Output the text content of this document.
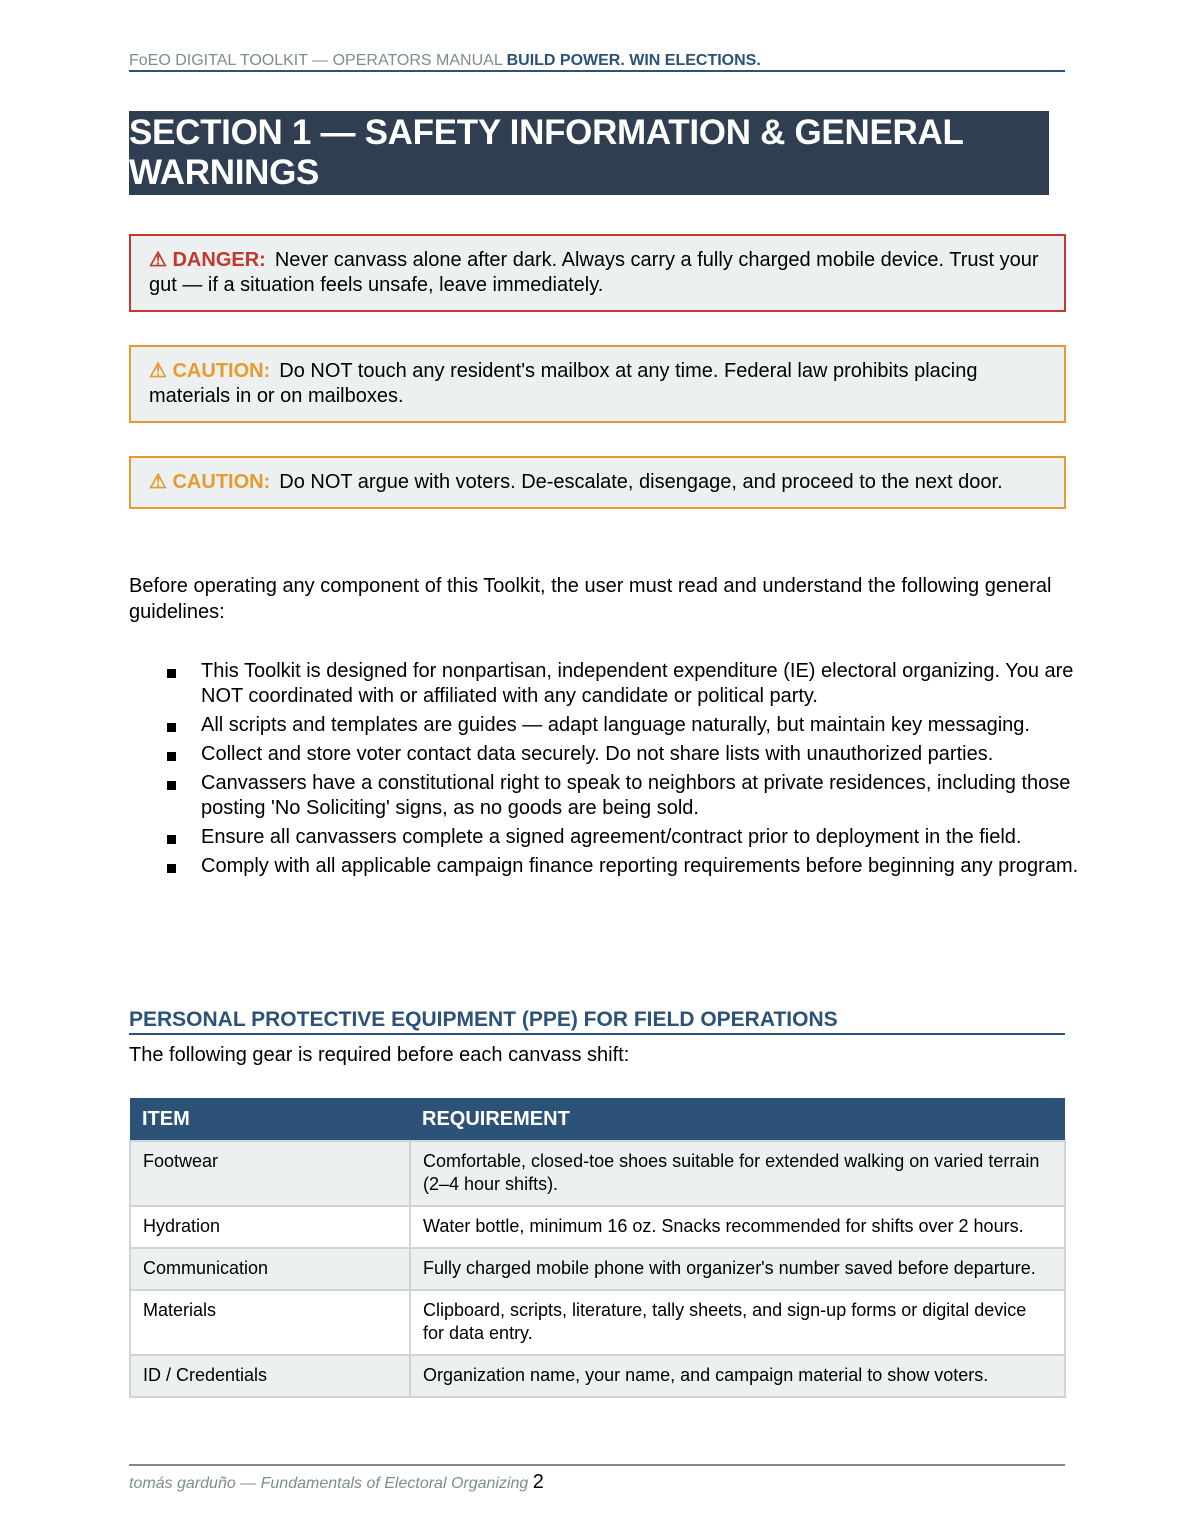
FoEO DIGITAL TOOLKIT — OPERATORS MANUAL BUILD POWER. WIN ELECTIONS.
SECTION 1 — SAFETY INFORMATION & GENERAL WARNINGS
⚠ DANGER: Never canvass alone after dark. Always carry a fully charged mobile device. Trust your gut — if a situation feels unsafe, leave immediately.
⚠ CAUTION: Do NOT touch any resident's mailbox at any time. Federal law prohibits placing materials in or on mailboxes.
⚠ CAUTION: Do NOT argue with voters. De-escalate, disengage, and proceed to the next door.
Before operating any component of this Toolkit, the user must read and understand the following general guidelines:
This Toolkit is designed for nonpartisan, independent expenditure (IE) electoral organizing. You are NOT coordinated with or affiliated with any candidate or political party.
All scripts and templates are guides — adapt language naturally, but maintain key messaging.
Collect and store voter contact data securely. Do not share lists with unauthorized parties.
Canvassers have a constitutional right to speak to neighbors at private residences, including those posting 'No Soliciting' signs, as no goods are being sold.
Ensure all canvassers complete a signed agreement/contract prior to deployment in the field.
Comply with all applicable campaign finance reporting requirements before beginning any program.
PERSONAL PROTECTIVE EQUIPMENT (PPE) FOR FIELD OPERATIONS
The following gear is required before each canvass shift:
ITEM	REQUIREMENT
Footwear	Comfortable, closed-toe shoes suitable for extended walking on varied terrain (2–4 hour shifts).
Hydration	Water bottle, minimum 16 oz. Snacks recommended for shifts over 2 hours.
Communication	Fully charged mobile phone with organizer's number saved before departure.
Materials	Clipboard, scripts, literature, tally sheets, and sign-up forms or digital device for data entry.
ID / Credentials	Organization name, your name, and campaign material to show voters.
tomás garduño — Fundamentals of Electoral Organizing 2
